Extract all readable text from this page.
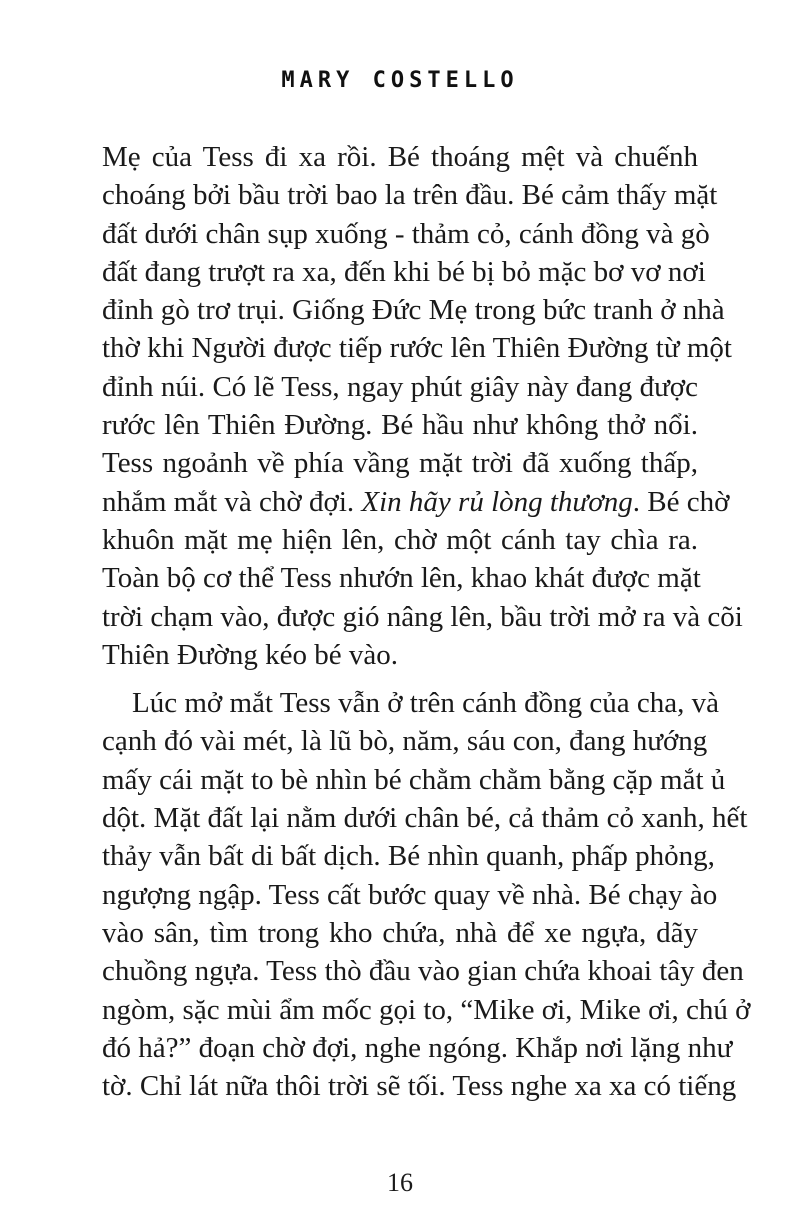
MARY COSTELLO
Mẹ của Tess đi xa rồi. Bé thoáng mệt và chuếnh
choáng bởi bầu trời bao la trên đầu. Bé cảm thấy mặt
đất dưới chân sụp xuống - thảm cỏ, cánh đồng và gò
đất đang trượt ra xa, đến khi bé bị bỏ mặc bơ vơ nơi
đỉnh gò trơ trụi. Giống Đức Mẹ trong bức tranh ở nhà
thờ khi Người được tiếp rước lên Thiên Đường từ một
đỉnh núi. Có lẽ Tess, ngay phút giây này đang được
rước lên Thiên Đường. Bé hầu như không thở nổi.
Tess ngoảnh về phía vầng mặt trời đã xuống thấp,
nhắm mắt và chờ đợi. Xin hãy rủ lòng thương. Bé chờ
khuôn mặt mẹ hiện lên, chờ một cánh tay chìa ra.
Toàn bộ cơ thể Tess nhướn lên, khao khát được mặt
trời chạm vào, được gió nâng lên, bầu trời mở ra và cõi
Thiên Đường kéo bé vào.
Lúc mở mắt Tess vẫn ở trên cánh đồng của cha, và
cạnh đó vài mét, là lũ bò, năm, sáu con, đang hướng
mấy cái mặt to bè nhìn bé chằm chằm bằng cặp mắt ủ
dột. Mặt đất lại nằm dưới chân bé, cả thảm cỏ xanh, hết
thảy vẫn bất di bất dịch. Bé nhìn quanh, phấp phỏng,
ngượng ngập. Tess cất bước quay về nhà. Bé chạy ào
vào sân, tìm trong kho chứa, nhà để xe ngựa, dãy
chuồng ngựa. Tess thò đầu vào gian chứa khoai tây đen
ngòm, sặc mùi ẩm mốc gọi to, “Mike ơi, Mike ơi, chú ở
đó hả?” đoạn chờ đợi, nghe ngóng. Khắp nơi lặng như
tờ. Chỉ lát nữa thôi trời sẽ tối. Tess nghe xa xa có tiếng
16
